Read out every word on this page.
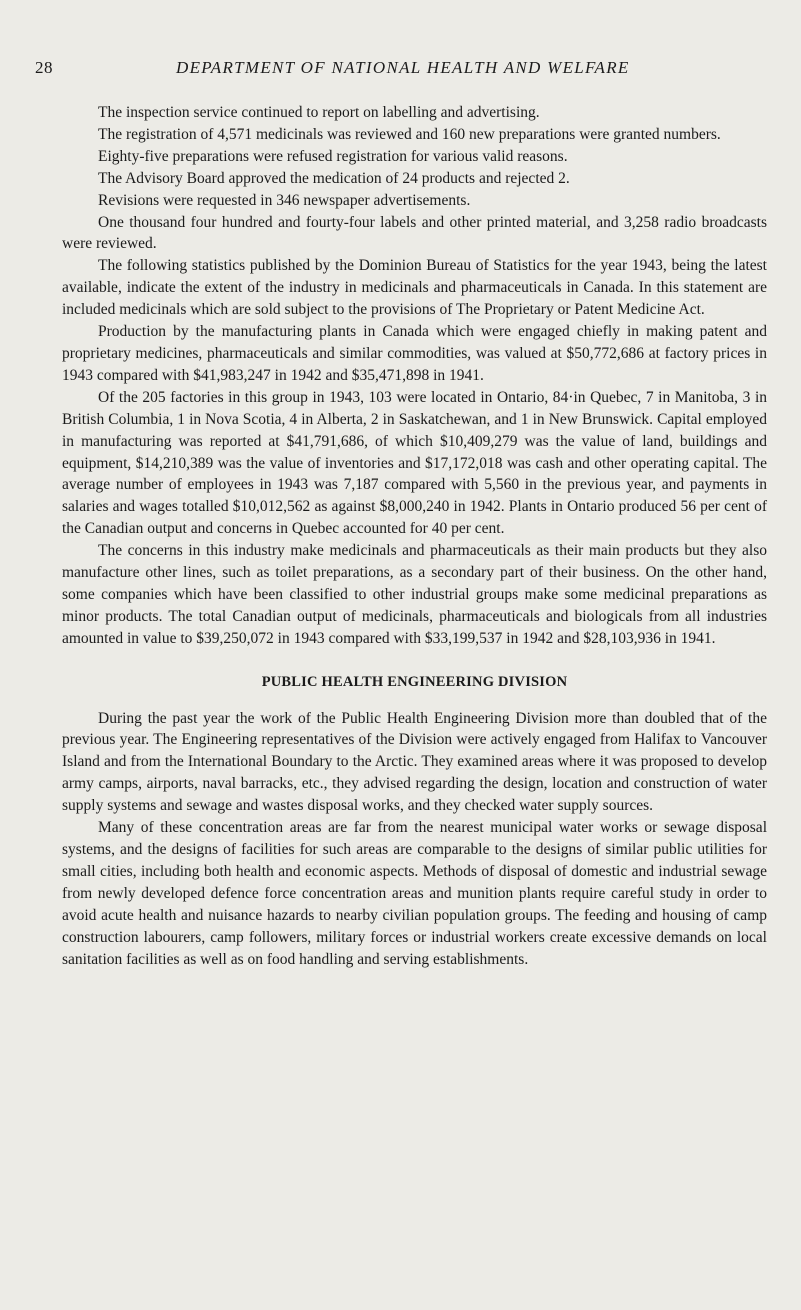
28	DEPARTMENT OF NATIONAL HEALTH AND WELFARE

The inspection service continued to report on labelling and advertising.

The registration of 4,571 medicinals was reviewed and 160 new preparations were granted numbers.

Eighty-five preparations were refused registration for various valid reasons.

The Advisory Board approved the medication of 24 products and rejected 2.

Revisions were requested in 346 newspaper advertisements.

One thousand four hundred and fourty-four labels and other printed material, and 3,258 radio broadcasts were reviewed.

The following statistics published by the Dominion Bureau of Statistics for the year 1943, being the latest available, indicate the extent of the industry in medicinals and pharmaceuticals in Canada. In this statement are included medicinals which are sold subject to the provisions of The Proprietary or Patent Medicine Act.

Production by the manufacturing plants in Canada which were engaged chiefly in making patent and proprietary medicines, pharmaceuticals and similar commodities, was valued at $50,772,686 at factory prices in 1943 compared with $41,983,247 in 1942 and $35,471,898 in 1941.

Of the 205 factories in this group in 1943, 103 were located in Ontario, 84·in Quebec, 7 in Manitoba, 3 in British Columbia, 1 in Nova Scotia, 4 in Alberta, 2 in Saskatchewan, and 1 in New Brunswick. Capital employed in manufacturing was reported at $41,791,686, of which $10,409,279 was the value of land, buildings and equipment, $14,210,389 was the value of inventories and $17,172,018 was cash and other operating capital. The average number of employees in 1943 was 7,187 compared with 5,560 in the previous year, and payments in salaries and wages totalled $10,012,562 as against $8,000,240 in 1942. Plants in Ontario produced 56 per cent of the Canadian output and concerns in Quebec accounted for 40 per cent.

The concerns in this industry make medicinals and pharmaceuticals as their main products but they also manufacture other lines, such as toilet preparations, as a secondary part of their business. On the other hand, some companies which have been classified to other industrial groups make some medicinal preparations as minor products. The total Canadian output of medicinals, pharmaceuticals and biologicals from all industries amounted in value to $39,250,072 in 1943 compared with $33,199,537 in 1942 and $28,103,936 in 1941.

PUBLIC HEALTH ENGINEERING DIVISION

During the past year the work of the Public Health Engineering Division more than doubled that of the previous year. The Engineering representatives of the Division were actively engaged from Halifax to Vancouver Island and from the International Boundary to the Arctic. They examined areas where it was proposed to develop army camps, airports, naval barracks, etc., they advised regarding the design, location and construction of water supply systems and sewage and wastes disposal works, and they checked water supply sources.

Many of these concentration areas are far from the nearest municipal water works or sewage disposal systems, and the designs of facilities for such areas are comparable to the designs of similar public utilities for small cities, including both health and economic aspects. Methods of disposal of domestic and industrial sewage from newly developed defence force concentration areas and munition plants require careful study in order to avoid acute health and nuisance hazards to nearby civilian population groups. The feeding and housing of camp construction labourers, camp followers, military forces or industrial workers create excessive demands on local sanitation facilities as well as on food handling and serving establishments.
